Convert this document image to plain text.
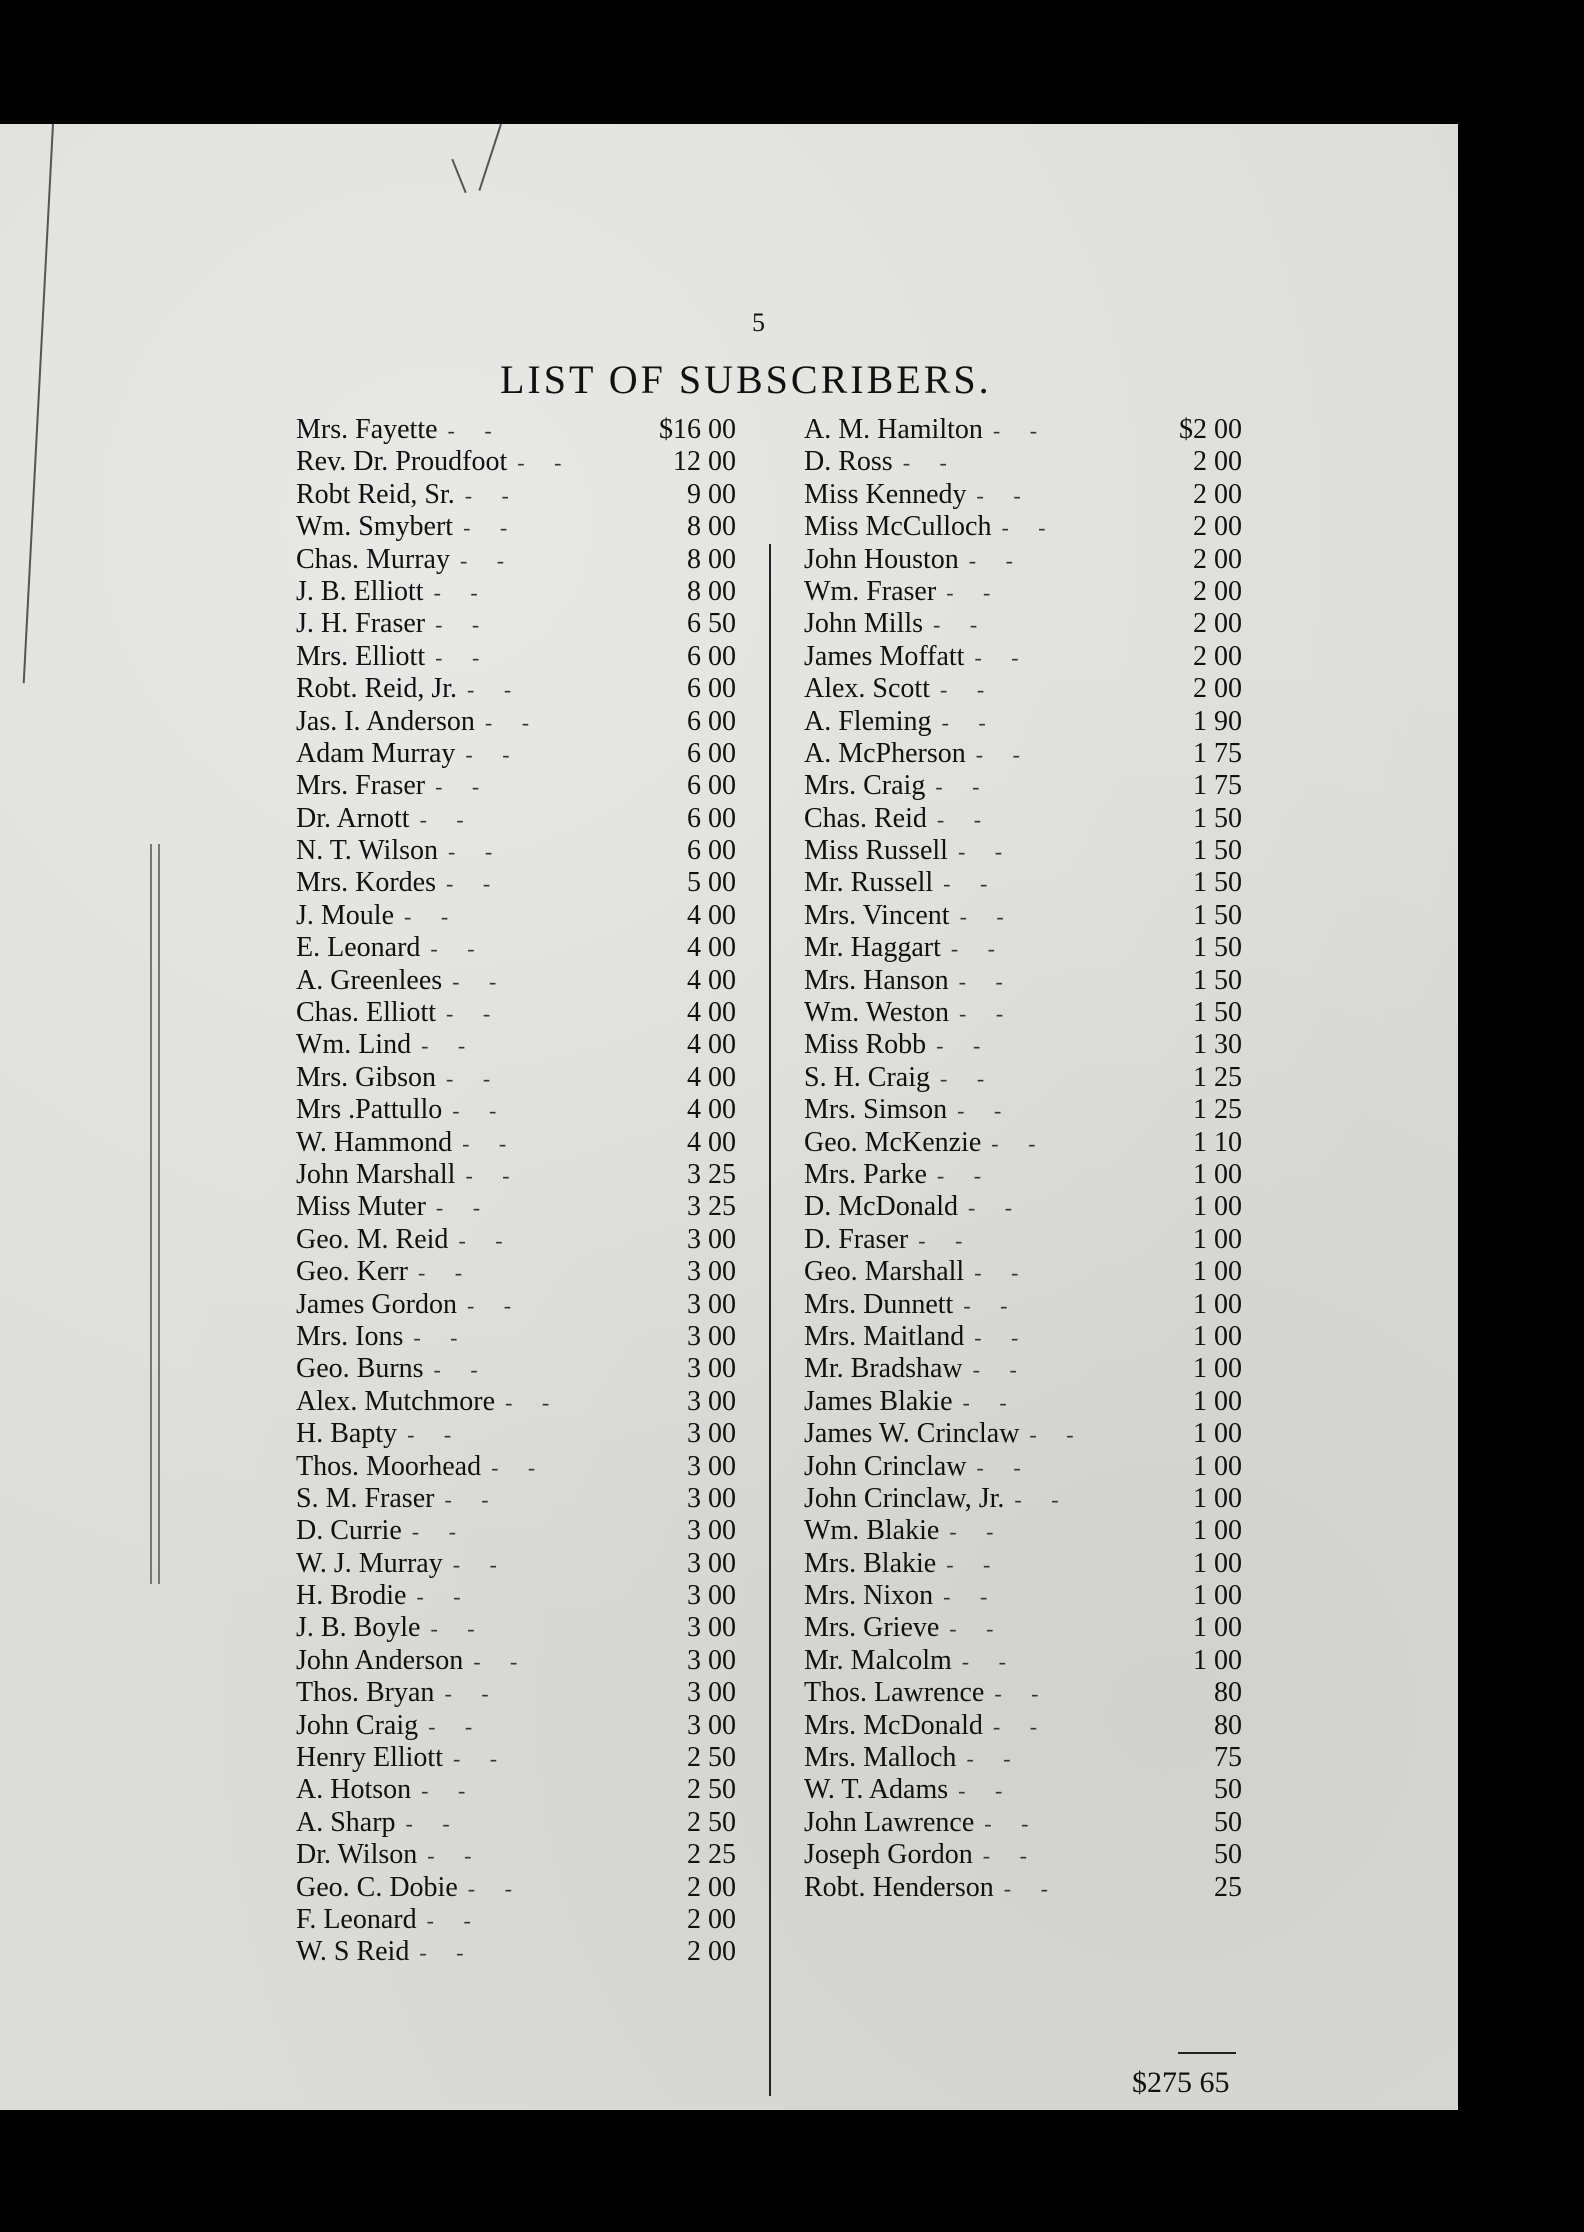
5
LIST OF SUBSCRIBERS.
Mrs. Fayette - -	$16 00
Rev. Dr. Proudfoot - -	12 00
Robt Reid, Sr. - -	9 00
Wm. Smybert - -	8 00
Chas. Murray - -	8 00
J. B. Elliott - -	8 00
J. H. Fraser - -	6 50
Mrs. Elliott - -	6 00
Robt. Reid, Jr. - -	6 00
Jas. I. Anderson - -	6 00
Adam Murray - -	6 00
Mrs. Fraser - -	6 00
Dr. Arnott - -	6 00
N. T. Wilson - -	6 00
Mrs. Kordes - -	5 00
J. Moule - -	4 00
E. Leonard - -	4 00
A. Greenlees - -	4 00
Chas. Elliott - -	4 00
Wm. Lind - -	4 00
Mrs. Gibson - -	4 00
Mrs .Pattullo - -	4 00
W. Hammond - -	4 00
John Marshall - -	3 25
Miss Muter - -	3 25
Geo. M. Reid - -	3 00
Geo. Kerr - -	3 00
James Gordon - -	3 00
Mrs. Ions - -	3 00
Geo. Burns - -	3 00
Alex. Mutchmore - -	3 00
H. Bapty - -	3 00
Thos. Moorhead - -	3 00
S. M. Fraser - -	3 00
D. Currie - -	3 00
W. J. Murray - -	3 00
H. Brodie - -	3 00
J. B. Boyle - -	3 00
John Anderson - -	3 00
Thos. Bryan - -	3 00
John Craig - -	3 00
Henry Elliott - -	2 50
A. Hotson - -	2 50
A. Sharp - -	2 50
Dr. Wilson - -	2 25
Geo. C. Dobie - -	2 00
F. Leonard - -	2 00
W. S Reid - -	2 00
A. M. Hamilton - -	$2 00
D. Ross - -	2 00
Miss Kennedy - -	2 00
Miss McCulloch - -	2 00
John Houston - -	2 00
Wm. Fraser - -	2 00
John Mills - -	2 00
James Moffatt - -	2 00
Alex. Scott - -	2 00
A. Fleming - -	1 90
A. McPherson - -	1 75
Mrs. Craig - -	1 75
Chas. Reid - -	1 50
Miss Russell - -	1 50
Mr. Russell - -	1 50
Mrs. Vincent - -	1 50
Mr. Haggart - -	1 50
Mrs. Hanson - -	1 50
Wm. Weston - -	1 50
Miss Robb - -	1 30
S. H. Craig - -	1 25
Mrs. Simson - -	1 25
Geo. McKenzie - -	1 10
Mrs. Parke - -	1 00
D. McDonald - -	1 00
D. Fraser - -	1 00
Geo. Marshall - -	1 00
Mrs. Dunnett - -	1 00
Mrs. Maitland - -	1 00
Mr. Bradshaw - -	1 00
James Blakie - -	1 00
James W. Crinclaw - -	1 00
John Crinclaw - -	1 00
John Crinclaw, Jr. - -	1 00
Wm. Blakie - -	1 00
Mrs. Blakie - -	1 00
Mrs. Nixon - -	1 00
Mrs. Grieve - -	1 00
Mr. Malcolm - -	1 00
Thos. Lawrence - -	80
Mrs. McDonald - -	80
Mrs. Malloch - -	75
W. T. Adams - -	50
John Lawrence - -	50
Joseph Gordon - -	50
Robt. Henderson - -	25
$275 65
